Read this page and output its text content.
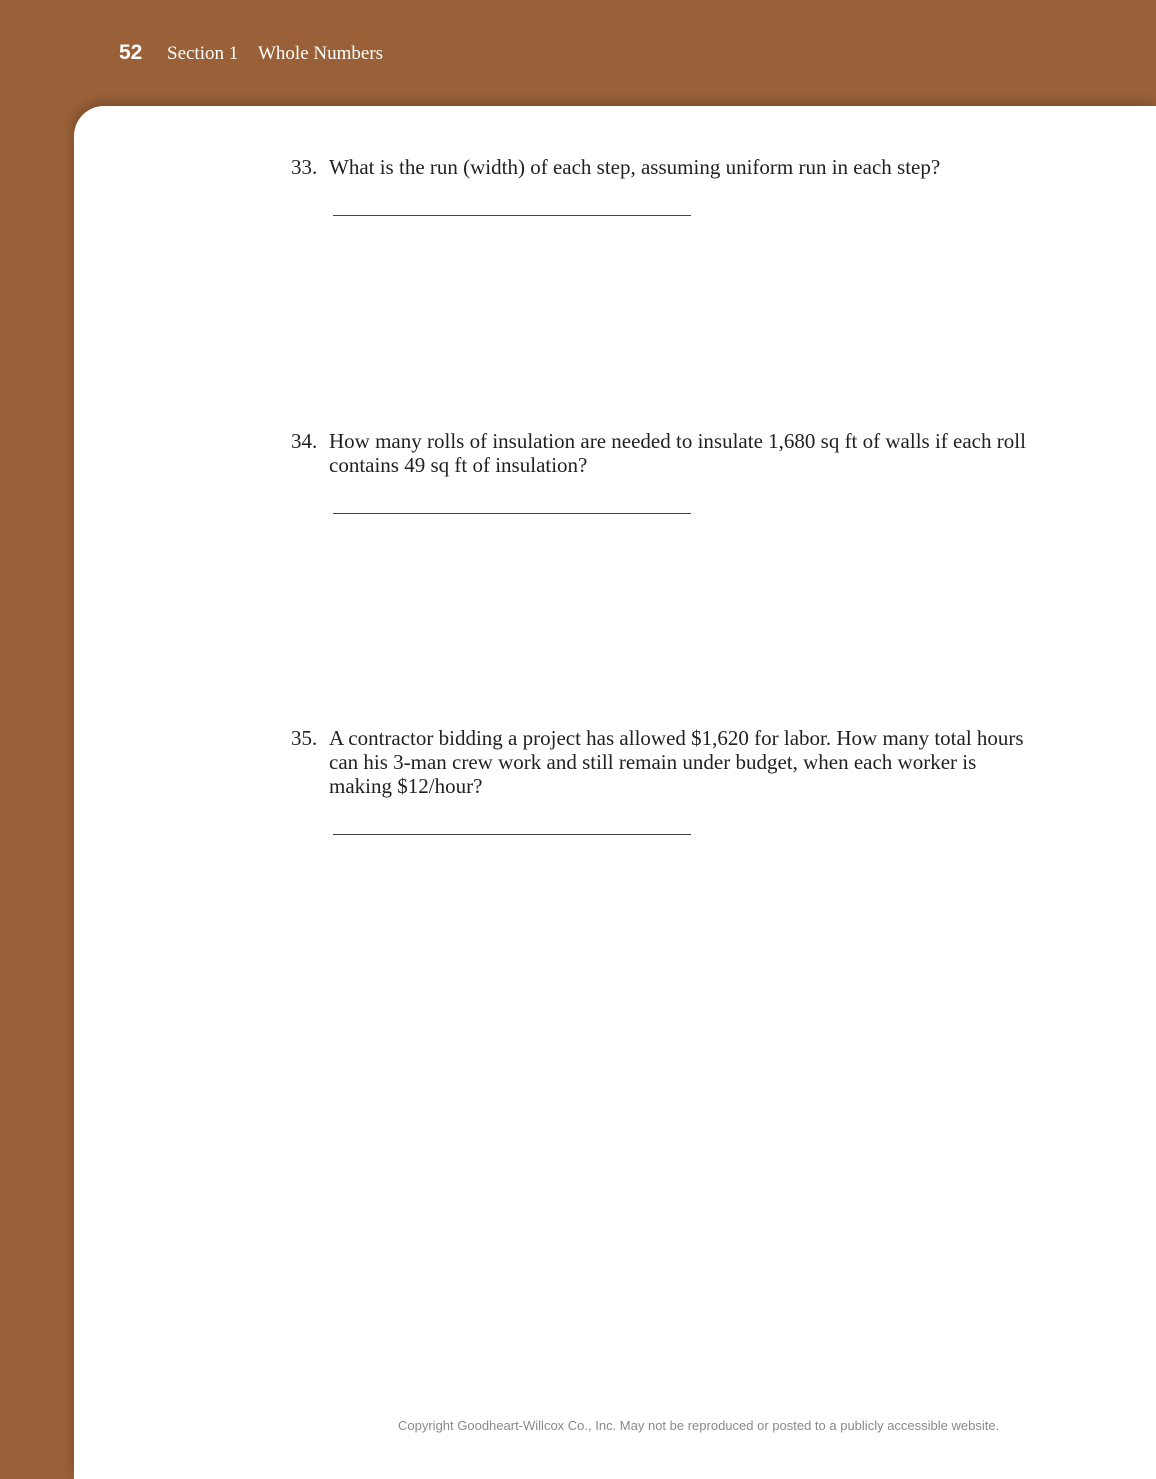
52 Section 1 Whole Numbers
33. What is the run (width) of each step, assuming uniform run in each step?
34. How many rolls of insulation are needed to insulate 1,680 sq ft of walls if each roll contains 49 sq ft of insulation?
35. A contractor bidding a project has allowed $1,620 for labor. How many total hours can his 3-man crew work and still remain under budget, when each worker is making $12/hour?
Copyright Goodheart-Willcox Co., Inc. May not be reproduced or posted to a publicly accessible website.
